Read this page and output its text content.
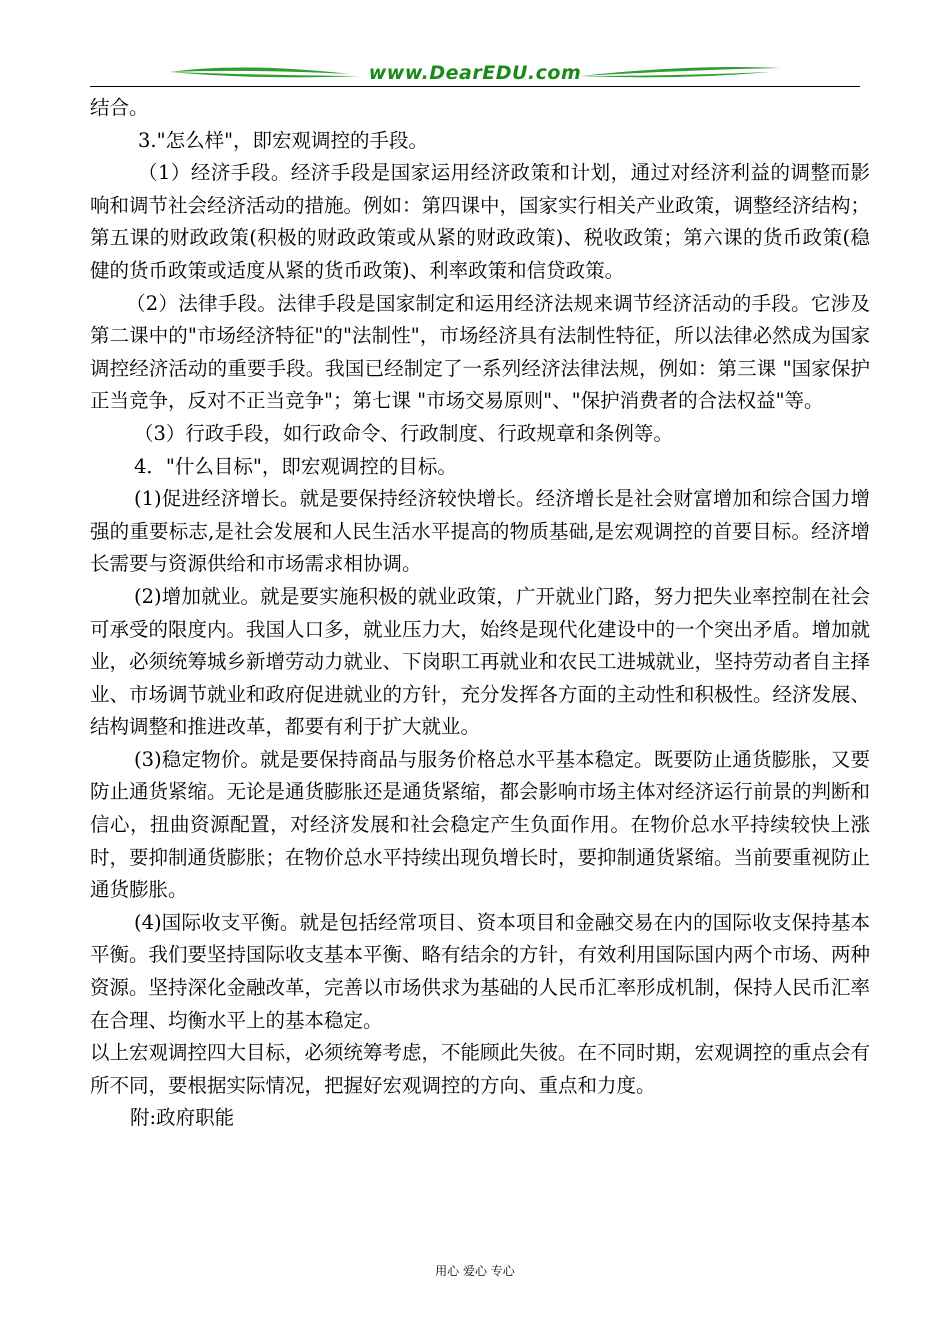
www.DearEDU.com

结合。

3."怎么样"，即宏观调控的手段。

（1）经济手段。经济手段是国家运用经济政策和计划，通过对经济利益的调整而影响和调节社会经济活动的措施。例如：第四课中，国家实行相关产业政策，调整经济结构；第五课的财政政策(积极的财政政策或从紧的财政政策)、税收政策；第六课的货币政策(稳健的货币政策或适度从紧的货币政策)、利率政策和信贷政策。

（2）法律手段。法律手段是国家制定和运用经济法规来调节经济活动的手段。它涉及第二课中的"市场经济特征"的"法制性"，市场经济具有法制性特征，所以法律必然成为国家调控经济活动的重要手段。我国已经制定了一系列经济法律法规，例如：第三课 "国家保护正当竞争，反对不正当竞争"；第七课 "市场交易原则"、"保护消费者的合法权益"等。

（3）行政手段，如行政命令、行政制度、行政规章和条例等。

4．"什么目标"，即宏观调控的目标。

(1)促进经济增长。就是要保持经济较快增长。经济增长是社会财富增加和综合国力增强的重要标志,是社会发展和人民生活水平提高的物质基础,是宏观调控的首要目标。经济增长需要与资源供给和市场需求相协调。

(2)增加就业。就是要实施积极的就业政策，广开就业门路，努力把失业率控制在社会可承受的限度内。我国人口多，就业压力大，始终是现代化建设中的一个突出矛盾。增加就业，必须统筹城乡新增劳动力就业、下岗职工再就业和农民工进城就业，坚持劳动者自主择业、市场调节就业和政府促进就业的方针，充分发挥各方面的主动性和积极性。经济发展、结构调整和推进改革，都要有利于扩大就业。

(3)稳定物价。就是要保持商品与服务价格总水平基本稳定。既要防止通货膨胀，又要防止通货紧缩。无论是通货膨胀还是通货紧缩，都会影响市场主体对经济运行前景的判断和信心，扭曲资源配置，对经济发展和社会稳定产生负面作用。在物价总水平持续较快上涨时，要抑制通货膨胀；在物价总水平持续出现负增长时，要抑制通货紧缩。当前要重视防止通货膨胀。

(4)国际收支平衡。就是包括经常项目、资本项目和金融交易在内的国际收支保持基本平衡。我们要坚持国际收支基本平衡、略有结余的方针，有效利用国际国内两个市场、两种资源。坚持深化金融改革，完善以市场供求为基础的人民币汇率形成机制，保持人民币汇率在合理、均衡水平上的基本稳定。

以上宏观调控四大目标，必须统筹考虑，不能顾此失彼。在不同时期，宏观调控的重点会有所不同，要根据实际情况，把握好宏观调控的方向、重点和力度。

附:政府职能

用心 爱心 专心
